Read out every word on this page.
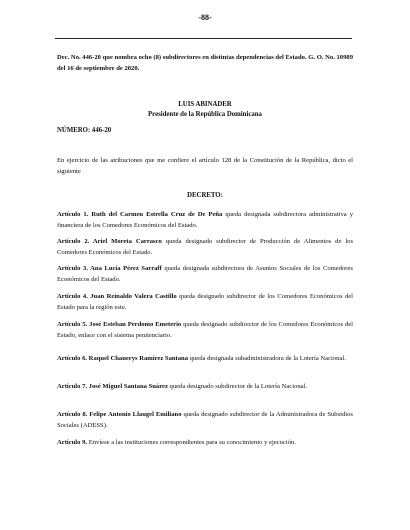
-88-

Dec. No. 446-20 que nombra ocho (8) subdirectores en distintas dependencias del Estado. G. O. No. 10989 del 16 de septiembre de 2020.

LUIS ABINADER

Presidente de la República Dominicana

NÚMERO: 446-20

En ejercicio de las atribuciones que me confiere el artículo 128 de la Constitución de la República, dicto el siguiente

DECRETO:

Artículo 1. Ruth del Carmen Estrella Cruz de De Peña queda designada subdirectora administrativa y financiera de los Comedores Económicos del Estado.

Artículo 2. Ariel Moreta Carrasco queda designado subdirector de Producción de Alimentos de los Comedores Económicos del Estado.

Artículo 3. Ana Lucía Pérez Sarraff queda designada subdirectora de Asuntos Sociales de los Comedores Económicos del Estado.

Artículo 4. Juan Reinaldo Valera Castillo queda designado subdirector de los Comedores Económicos del Estado para la región este.

Artículo 5. José Esteban Perdomo Emeterio queda designado subdirector de los Comedores Económicos del Estado, enlace con el sistema penitenciario.

Artículo 6. Raquel Chanerys Ramírez Santana queda designada subadministradora de la Lotería Nacional.

Artículo 7. José Miguel Santana Suárez queda designado subdirector de la Lotería Nacional.

Artículo 8. Felipe Antonio Llaugel Emiliano queda designado subdirector de la Administradora de Subsidios Sociales (ADESS).

Artículo 9. Envíese a las instituciones correspondientes para su conocimiento y ejecución.
